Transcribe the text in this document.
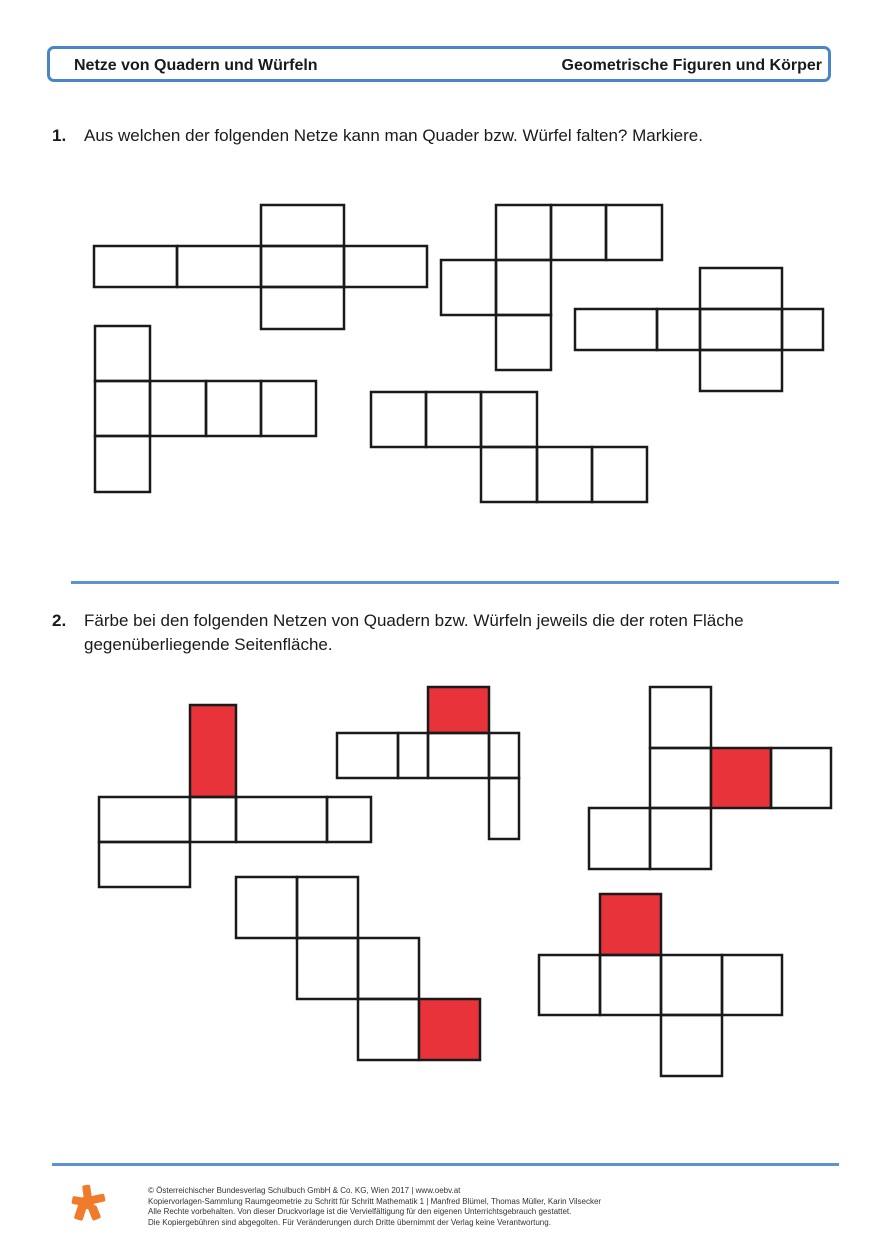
Netze von Quadern und Würfeln	Geometrische Figuren und Körper
1. Aus welchen der folgenden Netze kann man Quader bzw. Würfel falten? Markiere.
2. Färbe bei den folgenden Netzen von Quadern bzw. Würfeln jeweils die der roten Fläche
gegenüberliegende Seitenfläche.
© Österreichischer Bundesverlag Schulbuch GmbH & Co. KG, Wien 2017 | www.oebv.at
Kopiervorlagen-Sammlung Raumgeometrie zu Schritt für Schritt Mathematik 1 | Manfred Blümel, Thomas Müller, Karin Vilsecker
Alle Rechte vorbehalten. Von dieser Druckvorlage ist die Vervielfältigung für den eigenen Unterrichtsgebrauch gestattet.
Die Kopiergebühren sind abgegolten. Für Veränderungen durch Dritte übernimmt der Verlag keine Verantwortung.
